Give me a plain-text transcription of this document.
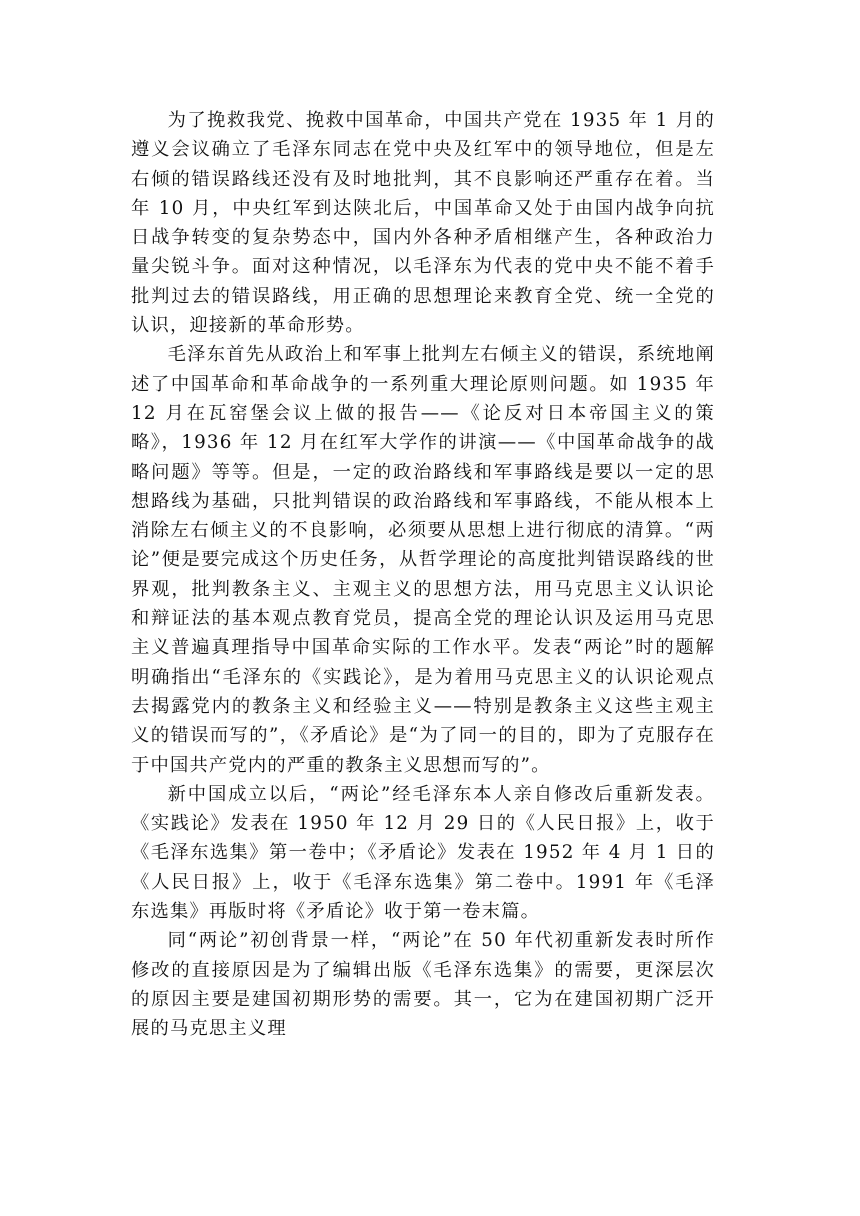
为了挽救我党、挽救中国革命，中国共产党在 1935 年 1 月的遵义会议确立了毛泽东同志在党中央及红军中的领导地位，但是左右倾的错误路线还没有及时地批判，其不良影响还严重存在着。当年 10 月，中央红军到达陕北后，中国革命又处于由国内战争向抗日战争转变的复杂势态中，国内外各种矛盾相继产生，各种政治力量尖锐斗争。面对这种情况，以毛泽东为代表的党中央不能不着手批判过去的错误路线，用正确的思想理论来教育全党、统一全党的认识，迎接新的革命形势。

毛泽东首先从政治上和军事上批判左右倾主义的错误，系统地阐述了中国革命和革命战争的一系列重大理论原则问题。如 1935 年 12 月在瓦窑堡会议上做的报告——《论反对日本帝国主义的策略》，1936 年 12 月在红军大学作的讲演——《中国革命战争的战略问题》等等。但是，一定的政治路线和军事路线是要以一定的思想路线为基础，只批判错误的政治路线和军事路线，不能从根本上消除左右倾主义的不良影响，必须要从思想上进行彻底的清算。“两论”便是要完成这个历史任务，从哲学理论的高度批判错误路线的世界观，批判教条主义、主观主义的思想方法，用马克思主义认识论和辩证法的基本观点教育党员，提高全党的理论认识及运用马克思主义普遍真理指导中国革命实际的工作水平。发表“两论”时的题解明确指出“毛泽东的《实践论》，是为着用马克思主义的认识论观点去揭露党内的教条主义和经验主义——特别是教条主义这些主观主义的错误而写的”，《矛盾论》是“为了同一的目的，即为了克服存在于中国共产党内的严重的教条主义思想而写的”。

新中国成立以后，“两论”经毛泽东本人亲自修改后重新发表。《实践论》发表在 1950 年 12 月 29 日的《人民日报》上，收于《毛泽东选集》第一卷中；《矛盾论》发表在 1952 年 4 月 1 日的《人民日报》上，收于《毛泽东选集》第二卷中。1991 年《毛泽东选集》再版时将《矛盾论》收于第一卷末篇。

同“两论”初创背景一样，“两论”在 50 年代初重新发表时所作修改的直接原因是为了编辑出版《毛泽东选集》的需要，更深层次的原因主要是建国初期形势的需要。其一，它为在建国初期广泛开展的马克思主义理
